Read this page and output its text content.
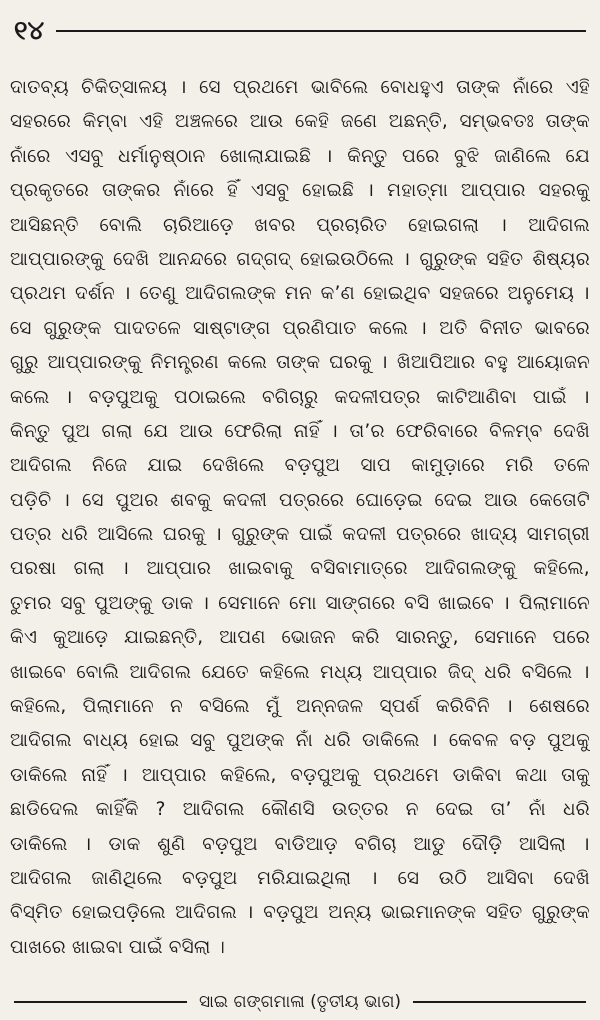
୧୪
ଦାତବ୍ୟ ଚିକିତ୍ସାଳୟ । ସେ ପ୍ରଥମେ ଭାବିଲେ ବୋଧହୁଏ ତାଙ୍କ ନାଁରେ ଏହି
ସହରରେ କିମ୍ବା ଏହି ଅଞ୍ଚଳରେ ଆଉ କେହି ଜଣେ ଅଛନ୍ତି, ସମ୍ଭବତଃ ତାଙ୍କ
ନାଁରେ ଏସବୁ ଧର୍ମାନୁଷ୍ଠାନ ଖୋଲାଯାଇଛି । କିନ୍ତୁ ପରେ ବୁଝି ଜାଣିଲେ ଯେ
ପ୍ରକୃତରେ ତାଙ୍କର ନାଁରେ ହିଁ ଏସବୁ ହୋଇଛି । ମହାତ୍ମା ଆପ୍ପାର ସହରକୁ
ଆସିଛନ୍ତି ବୋଲି ଚାରିଆଡ଼େ ଖବର ପ୍ରଚାରିତ ହୋଇଗଲା । ଆଦିଗଲ
ଆପ୍ପାରଙ୍କୁ ଦେଖି ଆନନ୍ଦରେ ଗଦ୍‌ଗଦ୍ ହୋଇଉଠିଲେ । ଗୁରୁଙ୍କ ସହିତ ଶିଷ୍ୟର
ପ୍ରଥମ ଦର୍ଶନ । ତେଣୁ ଆଦିଗଲଙ୍କ ମନ କ’ଣ ହୋଇଥିବ ସହଜରେ ଅନୁମେୟ ।
ସେ ଗୁରୁଙ୍କ ପାଦତଳେ ସାଷ୍ଟାଙ୍ଗ ପ୍ରଣିପାତ କଲେ । ଅତି ବିନୀତ ଭାବରେ
ଗୁରୁ ଆପ୍ପାରଙ୍କୁ ନିମନ୍ତ୍ରଣ କଲେ ତାଙ୍କ ଘରକୁ । ଖିଆପିଆର ବହୁ ଆୟୋଜନ
କଲେ । ବଡ଼ପୁଅକୁ ପଠାଇଲେ ବଗିଚାରୁ କଦଳୀପତ୍ର କାଟିଆଣିବା ପାଇଁ ।
କିନ୍ତୁ ପୁଅ ଗଲା ଯେ ଆଉ ଫେରିଲା ନାହିଁ । ତା’ର ଫେରିବାରେ ବିଳମ୍ବ ଦେଖି
ଆଦିଗଲ ନିଜେ ଯାଇ ଦେଖିଲେ ବଡ଼ପୁଅ ସାପ କାମୁଡ଼ାରେ ମରି ତଳେ
ପଡ଼ିଚି । ସେ ପୁଅର ଶବକୁ କଦଳୀ ପତ୍ରରେ ଘୋଡ଼େଇ ଦେଇ ଆଉ କେତୋଟି
ପତ୍ର ଧରି ଆସିଲେ ଘରକୁ । ଗୁରୁଙ୍କ ପାଇଁ କଦଳୀ ପତ୍ରରେ ଖାଦ୍ୟ ସାମଗ୍ରୀ
ପରଷା ଗଲା । ଆପ୍ପାର ଖାଇବାକୁ ବସିବାମାତ୍ରେ ଆଦିଗଲଙ୍କୁ କହିଲେ,
ତୁମର ସବୁ ପୁଅଙ୍କୁ ଡାକ । ସେମାନେ ମୋ ସାଙ୍ଗରେ ବସି ଖାଇବେ । ପିଲାମାନେ
କିଏ କୁଆଡ଼େ ଯାଇଛନ୍ତି, ଆପଣ ଭୋଜନ କରି ସାରନ୍ତୁ, ସେମାନେ ପରେ
ଖାଇବେ ବୋଲି ଆଦିଗଲ ଯେତେ କହିଲେ ମଧ୍ୟ ଆପ୍ପାର ଜିଦ୍ ଧରି ବସିଲେ ।
କହିଲେ, ପିଲାମାନେ ନ ବସିଲେ ମୁଁ ଅନ୍ନଜଳ ସ୍ପର୍ଶ କରିବିନି । ଶେଷରେ
ଆଦିଗଲ ବାଧ୍ୟ ହୋଇ ସବୁ ପୁଅଙ୍କ ନାଁ ଧରି ଡାକିଲେ । କେବଳ ବଡ଼ ପୁଅକୁ
ଡାକିଲେ ନାହିଁ । ଆପ୍ପାର କହିଲେ, ବଡ଼ପୁଅକୁ ପ୍ରଥମେ ଡାକିବା କଥା ତାକୁ
ଛାଡିଦେଲ କାହିଁକି ? ଆଦିଗଲ କୌଣସି ଉତ୍ତର ନ ଦେଇ ତା’ ନାଁ ଧରି
ଡାକିଲେ । ଡାକ ଶୁଣି ବଡ଼ପୁଅ ବାଡିଆଡ଼ ବଗିଚା ଆଡୁ ଦୌଡ଼ି ଆସିଲା ।
ଆଦିଗଲ ଜାଣିଥିଲେ ବଡ଼ପୁଅ ମରିଯାଇଥିଲା । ସେ ଉଠି ଆସିବା ଦେଖି
ବିସ୍ମିତ ହୋଇପଡ଼ିଲେ ଆଦିଗଲ । ବଡ଼ପୁଅ ଅନ୍ୟ ଭାଇମାନଙ୍କ ସହିତ ଗୁରୁଙ୍କ
ପାଖରେ ଖାଇବା ପାଇଁ ବସିଲା ।
ସାଇ ଗଙ୍ଗମାଳା (ତୃତୀୟ ଭାଗ)
